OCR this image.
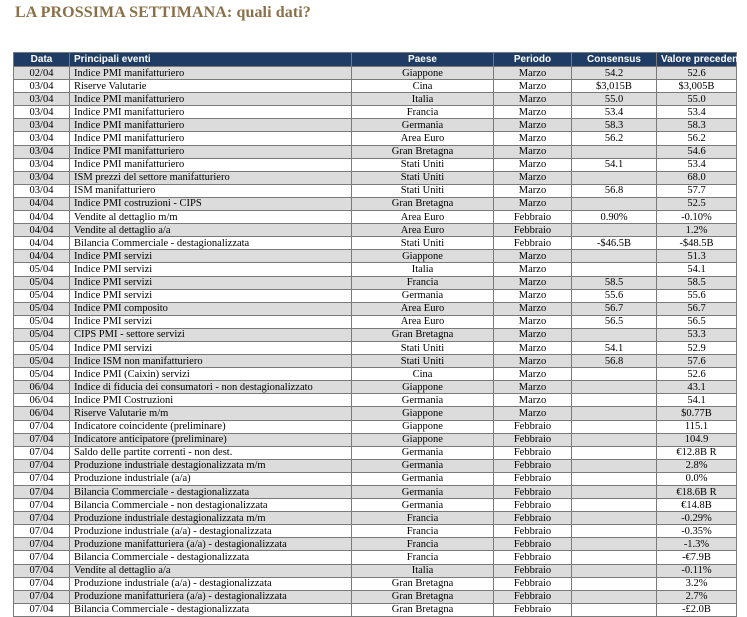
LA PROSSIMA SETTIMANA: quali dati?
Data	Principali eventi	Paese	Periodo	Consensus	Valore precedente
02/04	Indice PMI manifatturiero	Giappone	Marzo	54.2	52.6
03/04	Riserve Valutarie	Cina	Marzo	$3,015B	$3,005B
03/04	Indice PMI manifatturiero	Italia	Marzo	55.0	55.0
03/04	Indice PMI manifatturiero	Francia	Marzo	53.4	53.4
03/04	Indice PMI manifatturiero	Germania	Marzo	58.3	58.3
03/04	Indice PMI manifatturiero	Area Euro	Marzo	56.2	56.2
03/04	Indice PMI manifatturiero	Gran Bretagna	Marzo		54.6
03/04	Indice PMI manifatturiero	Stati Uniti	Marzo	54.1	53.4
03/04	ISM prezzi del settore manifatturiero	Stati Uniti	Marzo		68.0
03/04	ISM manifatturiero	Stati Uniti	Marzo	56.8	57.7
04/04	Indice PMI costruzioni - CIPS	Gran Bretagna	Marzo		52.5
04/04	Vendite al dettaglio m/m	Area Euro	Febbraio	0.90%	-0.10%
04/04	Vendite al dettaglio a/a	Area Euro	Febbraio		1.2%
04/04	Bilancia Commerciale - destagionalizzata	Stati Uniti	Febbraio	-$46.5B	-$48.5B
04/04	Indice PMI servizi	Giappone	Marzo		51.3
05/04	Indice PMI servizi	Italia	Marzo		54.1
05/04	Indice PMI servizi	Francia	Marzo	58.5	58.5
05/04	Indice PMI servizi	Germania	Marzo	55.6	55.6
05/04	Indice PMI composito	Area Euro	Marzo	56.7	56.7
05/04	Indice PMI servizi	Area Euro	Marzo	56.5	56.5
05/04	CIPS PMI - settore servizi	Gran Bretagna	Marzo		53.3
05/04	Indice PMI servizi	Stati Uniti	Marzo	54.1	52.9
05/04	Indice ISM non manifatturiero	Stati Uniti	Marzo	56.8	57.6
05/04	Indice PMI (Caixin) servizi	Cina	Marzo		52.6
06/04	Indice di fiducia dei consumatori - non destagionalizzato	Giappone	Marzo		43.1
06/04	Indice PMI Costruzioni	Germania	Marzo		54.1
06/04	Riserve Valutarie m/m	Giappone	Marzo		$0.77B
07/04	Indicatore coincidente (preliminare)	Giappone	Febbraio		115.1
07/04	Indicatore anticipatore (preliminare)	Giappone	Febbraio		104.9
07/04	Saldo delle partite correnti - non dest.	Germania	Febbraio		€12.8B R
07/04	Produzione industriale destagionalizzata m/m	Germania	Febbraio		2.8%
07/04	Produzione industriale (a/a)	Germania	Febbraio		0.0%
07/04	Bilancia Commerciale - destagionalizzata	Germania	Febbraio		€18.6B R
07/04	Bilancia Commerciale - non destagionalizzata	Germania	Febbraio		€14.8B
07/04	Produzione industriale destagionalizzata m/m	Francia	Febbraio		-0.29%
07/04	Produzione industriale (a/a) - destagionalizzata	Francia	Febbraio		-0.35%
07/04	Produzione manifatturiera (a/a) - destagionalizzata	Francia	Febbraio		-1.3%
07/04	Bilancia Commerciale - destagionalizzata	Francia	Febbraio		-€7.9B
07/04	Vendite al dettaglio a/a	Italia	Febbraio		-0.11%
07/04	Produzione industriale (a/a) - destagionalizzata	Gran Bretagna	Febbraio		3.2%
07/04	Produzione manifatturiera (a/a) - destagionalizzata	Gran Bretagna	Febbraio		2.7%
07/04	Bilancia Commerciale - destagionalizzata	Gran Bretagna	Febbraio		-£2.0B
